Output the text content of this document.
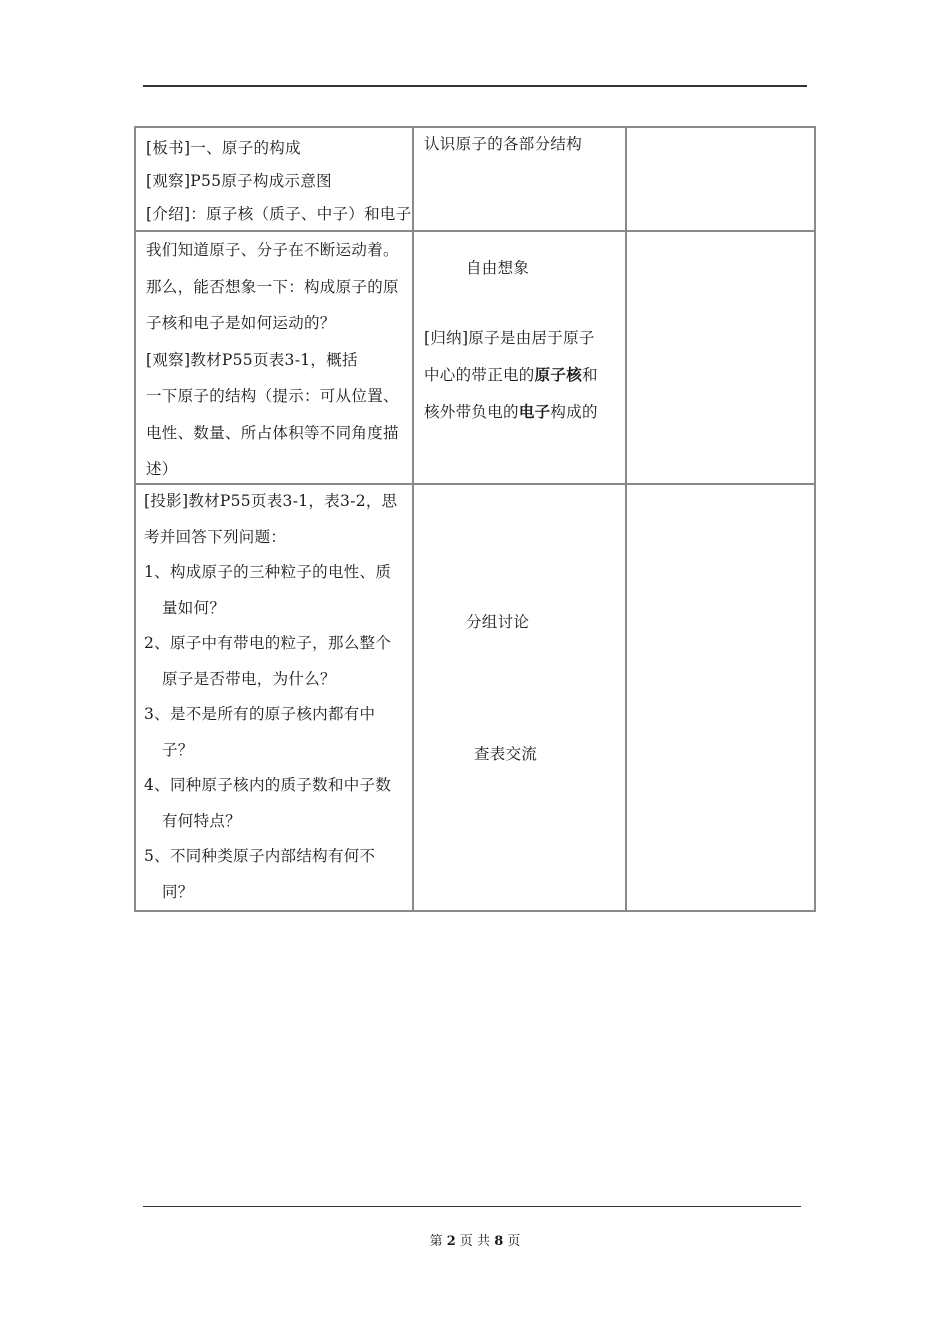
[板书]一、原子的构成
[观察]P55原子构成示意图
[介绍]：原子核（质子、中子）和电子
认识原子的各部分结构
我们知道原子、分子在不断运动着。
那么，能否想象一下：构成原子的原
子核和电子是如何运动的？
[观察]教材P55页表3-1，概括
一下原子的结构（提示：可从位置、
电性、数量、所占体积等不同角度描
述）
自由想象
[归纳]原子是由居于原子
中心的带正电的原子核和
核外带负电的电子构成的
[投影]教材P55页表3-1，表3-2，思
考并回答下列问题：
1、构成原子的三种粒子的电性、质
量如何？
2、原子中有带电的粒子，那么整个
原子是否带电，为什么？
3、是不是所有的原子核内都有中
子？
4、同种原子核内的质子数和中子数
有何特点？
5、不同种类原子内部结构有何不
同？
分组讨论
查表交流
第 2 页 共 8 页
